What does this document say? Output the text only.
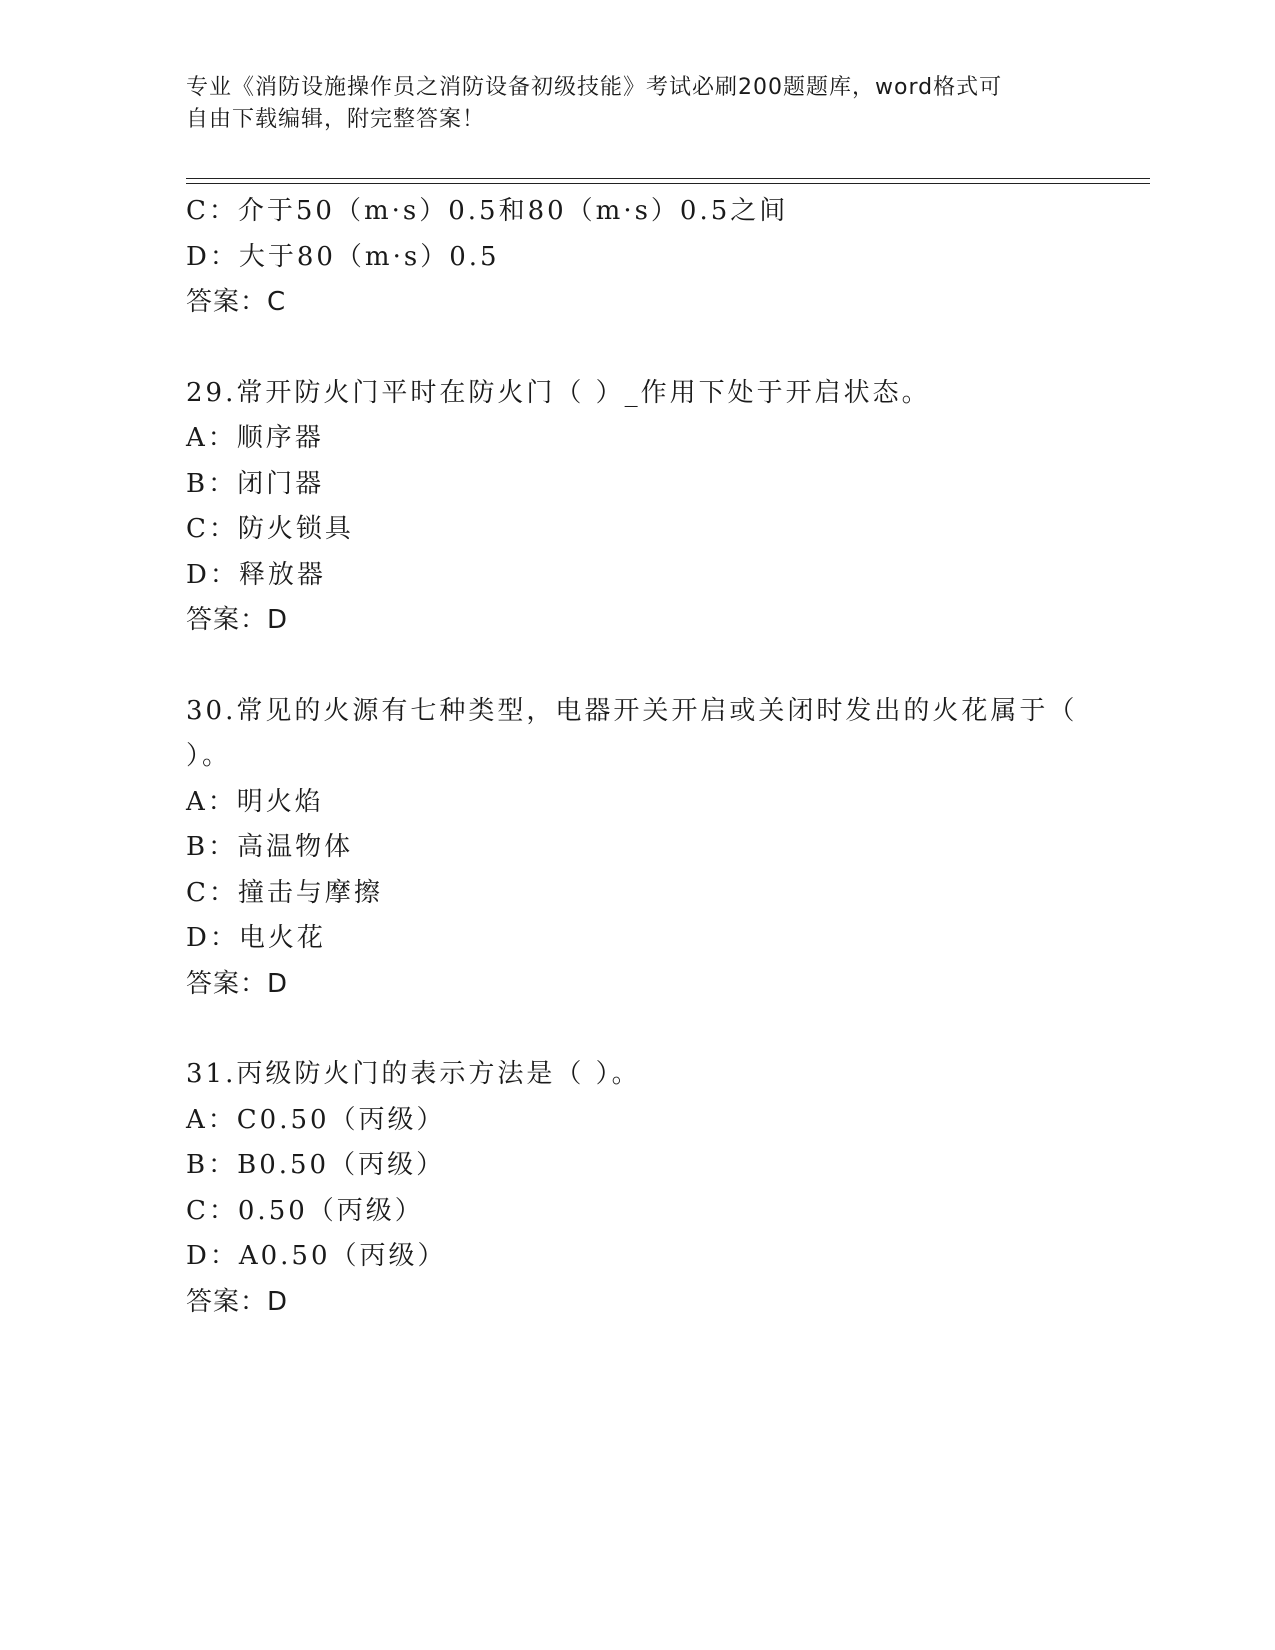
专业《消防设施操作员之消防设备初级技能》考试必刷200题题库，word格式可
自由下载编辑，附完整答案！
C：介于50（m·s）0.5和80（m·s）0.5之间
D：大于80（m·s）0.5
答案：C
29.常开防火门平时在防火门（ ）_作用下处于开启状态。
A：顺序器
B：闭门器
C：防火锁具
D：释放器
答案：D
30.常见的火源有七种类型，电器开关开启或关闭时发出的火花属于（
）。
A：明火焰
B：高温物体
C：撞击与摩擦
D：电火花
答案：D
31.丙级防火门的表示方法是（ ）。
A：C0.50（丙级）
B：B0.50（丙级）
C：0.50（丙级）
D：A0.50（丙级）
答案：D
